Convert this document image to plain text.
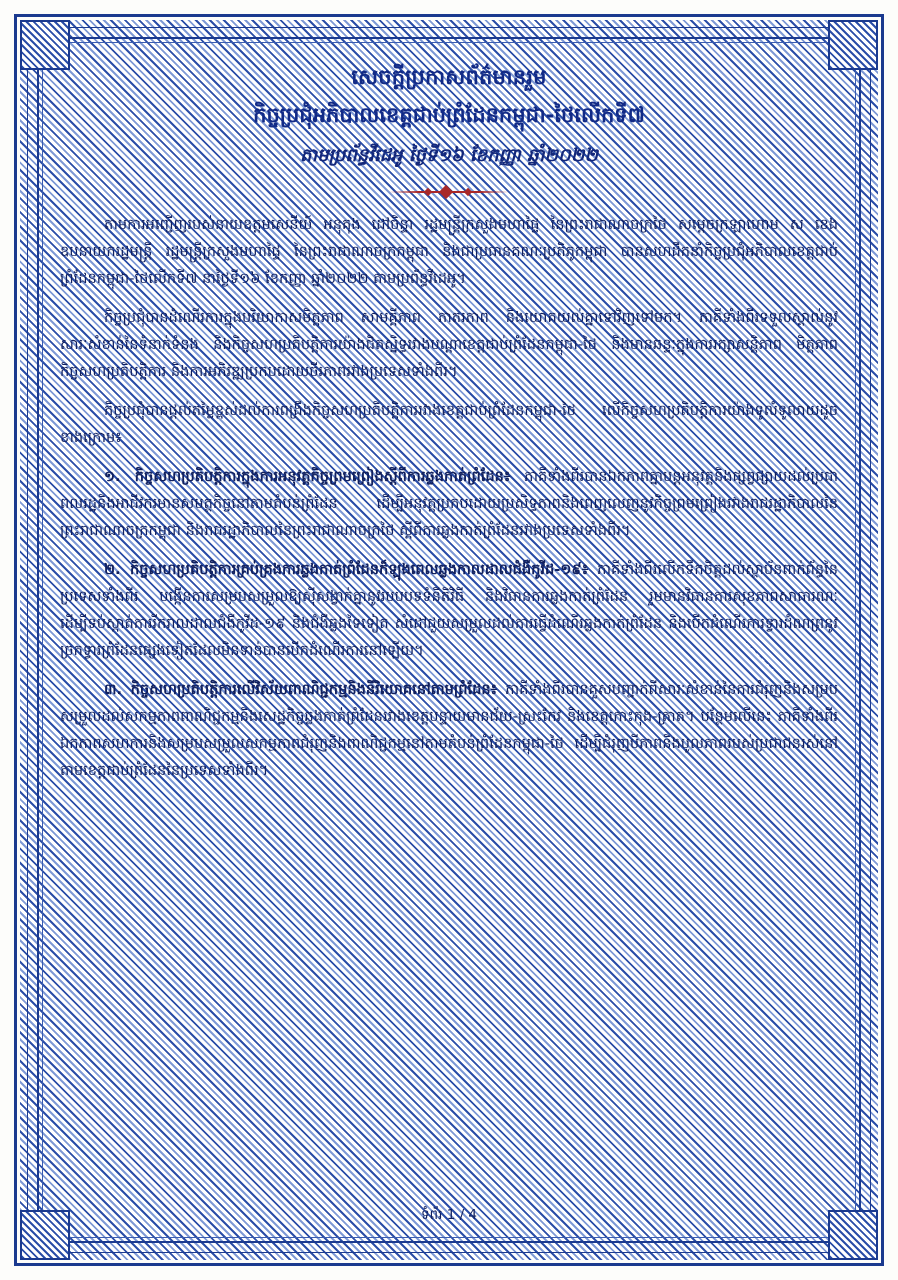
សេចក្តីប្រកាសព័ត៌មានរួម
កិច្ចប្រជុំអភិបាលខេត្តជាប់ព្រំដែនកម្ពុជា-ថៃលើកទី៧
តាមប្រព័ន្ធវីដេអូ ថ្ងៃទី១៦ ខែកញ្ញា ឆ្នាំ២០២២

តាមការអញ្ជើញរបស់នាយឧត្តមសេនីយ៍ អនុគុង ដៅចិន្ទា រដ្ឋមន្ត្រីក្រសួងមហាផ្ទៃ នៃព្រះរាជាណាចក្រថៃ សម្តេចក្រឡាហោម ស ខេង ឧបនាយករដ្ឋមន្ត្រី រដ្ឋមន្ត្រីក្រសួងមហាផ្ទៃ នៃព្រះរាជាណាចក្រកម្ពុជា និងជាប្រធានគណៈប្រតិភូកម្ពុជា បានសហដឹកនាំកិច្ចប្រជុំអភិបាលខេត្តជាប់ព្រំដែនកម្ពុជា-ថៃលើកទី៧ នាថ្ងៃទី១៦ ខែកញ្ញា ឆ្នាំ២០២២ តាមប្រព័ន្ធវីដេអូ។

កិច្ចប្រជុំបានដំណើរការក្នុងបរិយាកាសមិត្តភាព សាមគ្គីភាព ភាតរភាព និងយោគយល់គ្នាទៅវិញទៅមក។ ភាគីទាំងពីរទទួលស្គាល់នូវសារៈសំខាន់នៃទំនាក់ទំនង និងកិច្ចសហប្រតិបត្តិការយ៉ាងជិតស្និទ្ធរវាងបណ្តាខេត្តជាប់ព្រំដែនកម្ពុជា-ថៃ និងមានឆន្ទៈក្នុងការរក្សាសន្តិភាព មិត្តភាព កិច្ចសហប្រតិបត្តិការ និងការអភិវឌ្ឍប្រកបដោយចីរភាពរវាងប្រទេសទាំងពីរ។

កិច្ចប្រជុំបានផ្តល់តម្លៃខ្ពស់ដល់ការពង្រឹងកិច្ចសហប្រតិបត្តិការរវាងខេត្តជាប់ព្រំដែនកម្ពុជា-ថៃ លើកិច្ចសហប្រតិបត្តិការយ៉ាងទូលំទូលាយដូចខាងក្រោម៖

១. កិច្ចសហប្រតិបត្តិការក្នុងការអនុវត្តកិច្ចព្រមព្រៀងស្តីពីការឆ្លងកាត់ព្រំដែន៖ ភាគីទាំងពីរបានឯកភាពគ្នាបន្តអនុវត្តនិងផ្សព្វផ្សាយដល់ប្រជាពលរដ្ឋនិងអាជីវករមានសមត្ថកិច្ចនៅតាមតំបន់ព្រំដែន ដើម្បីអនុវត្តប្រកបដោយប្រសិទ្ធភាពនិងពេញលេញនូវកិច្ចព្រមព្រៀងរវាងរាជរដ្ឋាភិបាលនៃព្រះរាជាណាចក្រកម្ពុជា និងរាជរដ្ឋាភិបាលនៃព្រះរាជាណាចក្រថៃ ស្តីពីការឆ្លងកាត់ព្រំដែនរវាងប្រទេសទាំងពីរ។

២. កិច្ចសហប្រតិបត្តិការគ្រប់គ្រងការឆ្លងកាត់ព្រំដែនក៏ឡុងពេលឆ្លងកាលដាលជំងឺកូវីដ-១៩៖ ភាគីទាំងពីរលើកទឹកចិត្តដល់ស្ថាប័នពាក់ព័ន្ធនៃប្រទេសទាំងពីរ បង្កើនការសម្របសម្រួលឱ្យស៊ីសង្វាក់គ្នានូវរបបបទទំនីតិវិធី និងវិធានការឆ្លងកាត់ព្រំដែន រួមមានវិធានការសុខភាពសាធារណៈ ដើម្បីទប់ស្កាត់ការរីករាលដាលជំងឺកូវីដ-១៩ និងជំងឺឆ្លងទៃទៀត សំដៅជួយសម្រួលដល់ការធ្វើដំណើរឆ្លងកាត់ព្រំដែន និងបើកដំណើរការទ្វារដំណព្រនូវច្រកទ្វារព្រំដែនផ្សេងទៀតដែលមិនទាន់បានបើកដំណើរការនៅឡើយ។

៣. កិច្ចសហប្រតិបត្តិការលើវិស័យពាណិជ្ជកម្មនិងនីរិយោគនៅតាមព្រំដែន៖ ភាគីទាំងពីរបានគួសបញ្ជាក់ពីសារៈសំខាន់នៃការជំរុញនិងសម្របសម្រួលដល់សកម្មភាពពាណិជ្ជកម្មនិងសេដ្ឋកិច្ចឆ្លងកាត់ព្រំដែនរវាងខេត្តបន្ទាយមានជ័យ-ស្រះកែវ និងខេត្តកោះកុង-ត្រាត។ បន្ថែមលើនេះ ភាគីទាំងពីរឯកភាពសហការនិងសម្របសម្រួលសកម្មភាពជំរុញនិងពាណិជ្ជកម្មនៅតាមតំបន់ព្រំដែនកម្ពុជា-ថៃ ដើម្បីជំរុញបីភាពនិងបូលភាពរបស់ប្រជាជនរស់នៅតាមខេត្តជាប់ព្រំដែននៃប្រទេសទាំងពីរ។

ទំព័រ 1 / 4
